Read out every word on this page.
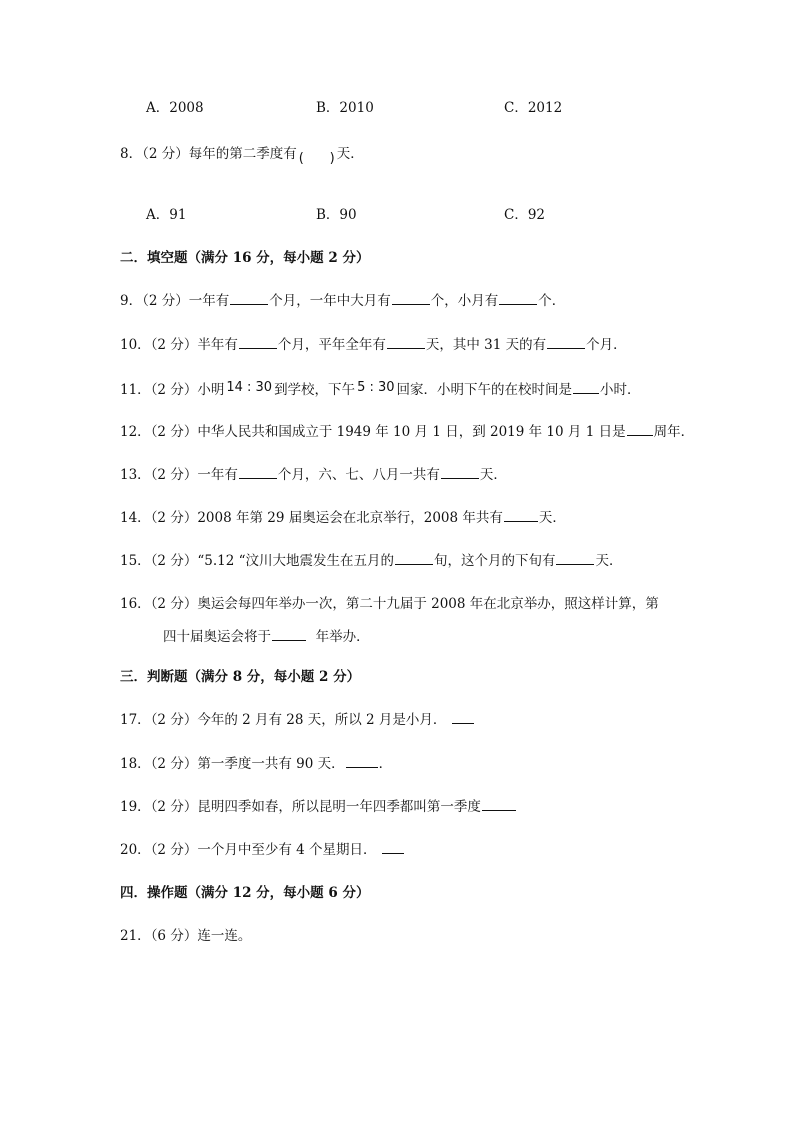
A．2008	B．2010	C．2012
8．（2 分）每年的第二季度有 ( ) 天．
A．91	B．90	C．92
二．填空题（满分 16 分，每小题 2 分）
9．（2 分）一年有	个月，一年中大月有	个，小月有	个．
10．（2 分）半年有	个月，平年全年有	天，其中 31 天的有	个月．
11．（2 分）小明 14 : 30 到学校，下午 5 : 30 回家．小明下午的在校时间是 小时．
12．（2 分）中华人民共和国成立于 1949 年 10 月 1 日，到 2019 年 10 月 1 日是 周年．
13．（2 分）一年有	个月，六、七、八月一共有	天．
14．（2 分）2008 年第 29 届奥运会在北京举行，2008 年共有	天．
15．（2 分）“5.12 “汶川大地震发生在五月的	旬，这个月的下旬有	天．
16．（2 分）奥运会每四年举办一次，第二十九届于 2008 年在北京举办，照这样计算，第
四十届奥运会将于	年举办．
三．判断题（满分 8 分，每小题 2 分）
17．（2 分）今年的 2 月有 28 天，所以 2 月是小月．
18．（2 分）第一季度一共有 90 天．	．
19．（2 分）昆明四季如春，所以昆明一年四季都叫第一季度
20．（2 分）一个月中至少有 4 个星期日．
四．操作题（满分 12 分，每小题 6 分）
21．（6 分）连一连。
